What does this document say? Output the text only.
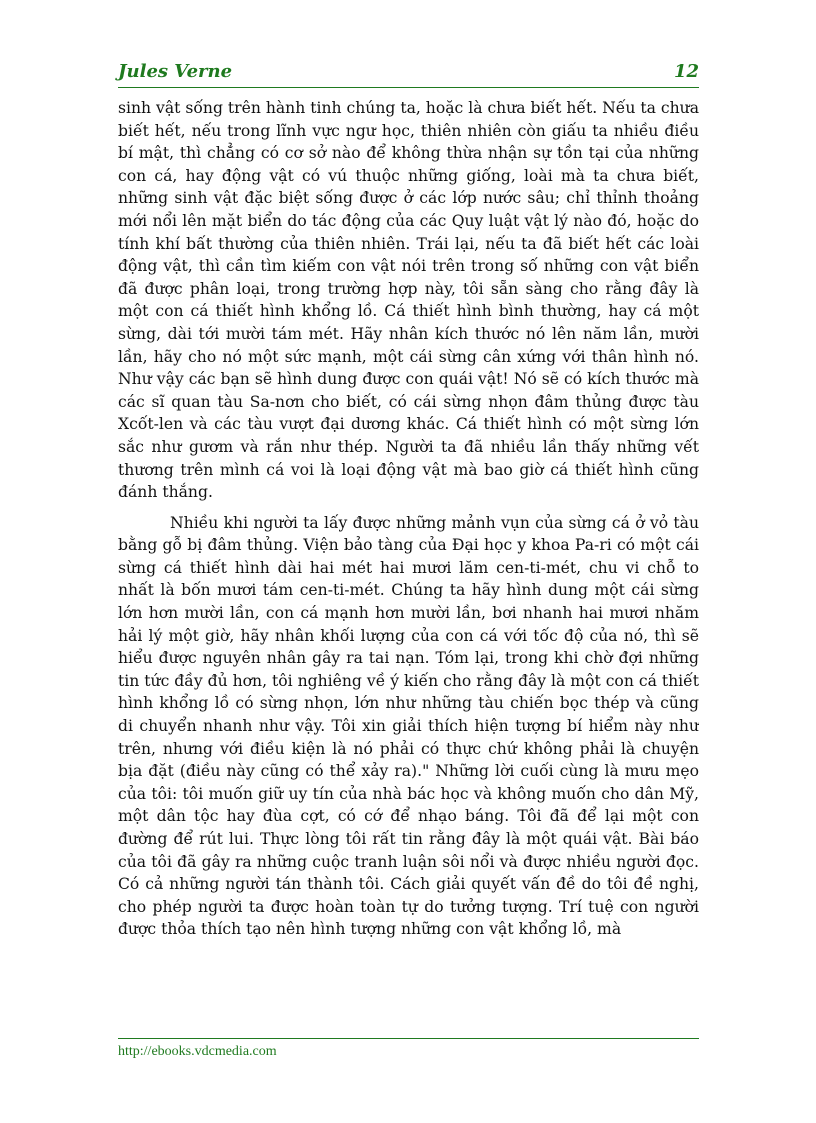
Jules Verne	12

sinh vật sống trên hành tinh chúng ta, hoặc là chưa biết hết. Nếu ta chưa biết hết, nếu trong lĩnh vực ngư học, thiên nhiên còn giấu ta nhiều điều bí mật, thì chẳng có cơ sở nào để không thừa nhận sự tồn tại của những con cá, hay động vật có vú thuộc những giống, loài mà ta chưa biết, những sinh vật đặc biệt sống được ở các lớp nước sâu; chỉ thỉnh thoảng mới nổi lên mặt biển do tác động của các Quy luật vật lý nào đó, hoặc do tính khí bất thường của thiên nhiên. Trái lại, nếu ta đã biết hết các loài động vật, thì cần tìm kiếm con vật nói trên trong số những con vật biển đã được phân loại, trong trường hợp này, tôi sẵn sàng cho rằng đây là một con cá thiết hình khổng lồ. Cá thiết hình bình thường, hay cá một sừng, dài tới mười tám mét. Hãy nhân kích thước nó lên năm lần, mười lần, hãy cho nó một sức mạnh, một cái sừng cân xứng với thân hình nó. Như vậy các bạn sẽ hình dung được con quái vật! Nó sẽ có kích thước mà các sĩ quan tàu Sa-nơn cho biết, có cái sừng nhọn đâm thủng được tàu Xcốt-len và các tàu vượt đại dương khác. Cá thiết hình có một sừng lớn sắc như gươm và rắn như thép. Người ta đã nhiều lần thấy những vết thương trên mình cá voi là loại động vật mà bao giờ cá thiết hình cũng đánh thắng.

Nhiều khi người ta lấy được những mảnh vụn của sừng cá ở vỏ tàu bằng gỗ bị đâm thủng. Viện bảo tàng của Đại học y khoa Pa-ri có một cái sừng cá thiết hình dài hai mét hai mươi lăm cen-ti-mét, chu vi chỗ to nhất là bốn mươi tám cen-ti-mét. Chúng ta hãy hình dung một cái sừng lớn hơn mười lần, con cá mạnh hơn mười lần, bơi nhanh hai mươi nhăm hải lý một giờ, hãy nhân khối lượng của con cá với tốc độ của nó, thì sẽ hiểu được nguyên nhân gây ra tai nạn. Tóm lại, trong khi chờ đợi những tin tức đầy đủ hơn, tôi nghiêng về ý kiến cho rằng đây là một con cá thiết hình khổng lồ có sừng nhọn, lớn như những tàu chiến bọc thép và cũng di chuyển nhanh như vậy. Tôi xin giải thích hiện tượng bí hiểm này như trên, nhưng với điều kiện là nó phải có thực chứ không phải là chuyện bịa đặt (điều này cũng có thể xảy ra)." Những lời cuối cùng là mưu mẹo của tôi: tôi muốn giữ uy tín của nhà bác học và không muốn cho dân Mỹ, một dân tộc hay đùa cợt, có cớ để nhạo báng. Tôi đã để lại một con đường để rút lui. Thực lòng tôi rất tin rằng đây là một quái vật. Bài báo của tôi đã gây ra những cuộc tranh luận sôi nổi và được nhiều người đọc. Có cả những người tán thành tôi. Cách giải quyết vấn đề do tôi đề nghị, cho phép người ta được hoàn toàn tự do tưởng tượng. Trí tuệ con người được thỏa thích tạo nên hình tượng những con vật khổng lồ, mà

http://ebooks.vdcmedia.com
